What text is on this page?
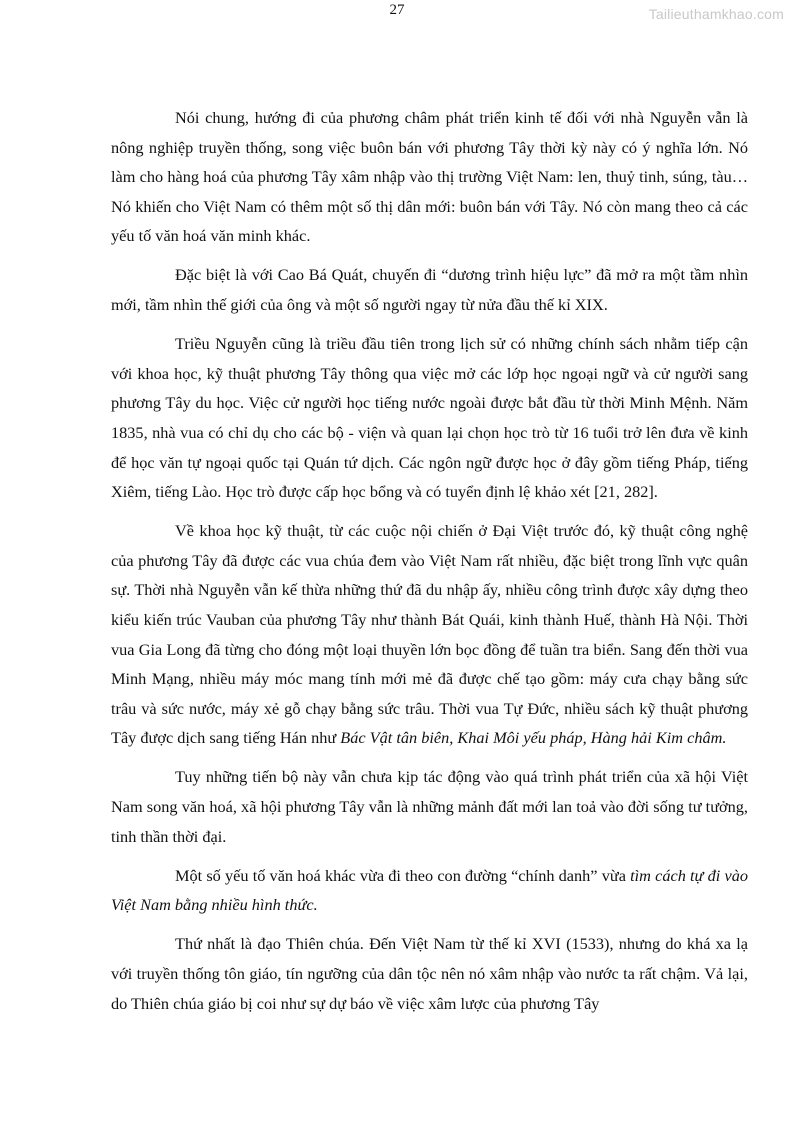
27	Tailieuthamkhao.com

Nói chung, hướng đi của phương châm phát triển kinh tế đối với nhà Nguyễn vẫn là nông nghiệp truyền thống, song việc buôn bán với phương Tây thời kỳ này có ý nghĩa lớn. Nó làm cho hàng hoá của phương Tây xâm nhập vào thị trường Việt Nam: len, thuỷ tinh, súng, tàu… Nó khiến cho Việt Nam có thêm một số thị dân mới: buôn bán với Tây. Nó còn mang theo cả các yếu tố văn hoá văn minh khác.

Đặc biệt là với Cao Bá Quát, chuyến đi “dương trình hiệu lực” đã mở ra một tầm nhìn mới, tầm nhìn thế giới của ông và một số người ngay từ nửa đầu thế kỉ XIX.

Triều Nguyễn cũng là triều đầu tiên trong lịch sử có những chính sách nhằm tiếp cận với khoa học, kỹ thuật phương Tây thông qua việc mở các lớp học ngoại ngữ và cử người sang phương Tây du học. Việc cử người học tiếng nước ngoài được bắt đầu từ thời Minh Mệnh. Năm 1835, nhà vua có chỉ dụ cho các bộ - viện và quan lại chọn học trò từ 16 tuổi trở lên đưa về kinh để học văn tự ngoại quốc tại Quán tứ dịch. Các ngôn ngữ được học ở đây gồm tiếng Pháp, tiếng Xiêm, tiếng Lào. Học trò được cấp học bổng và có tuyển định lệ khảo xét [21, 282].

Về khoa học kỹ thuật, từ các cuộc nội chiến ở Đại Việt trước đó, kỹ thuật công nghệ của phương Tây đã được các vua chúa đem vào Việt Nam rất nhiều, đặc biệt trong lĩnh vực quân sự. Thời nhà Nguyễn vẫn kế thừa những thứ đã du nhập ấy, nhiều công trình được xây dựng theo kiểu kiến trúc Vauban của phương Tây như thành Bát Quái, kinh thành Huế, thành Hà Nội. Thời vua Gia Long đã từng cho đóng một loại thuyền lớn bọc đồng để tuần tra biển. Sang đến thời vua Minh Mạng, nhiều máy móc mang tính mới mẻ đã được chế tạo gồm: máy cưa chạy bằng sức trâu và sức nước, máy xẻ gỗ chạy bằng sức trâu. Thời vua Tự Đức, nhiều sách kỹ thuật phương Tây được dịch sang tiếng Hán như Bác Vật tân biên, Khai Môi yếu pháp, Hàng hải Kim châm.

Tuy những tiến bộ này vẫn chưa kịp tác động vào quá trình phát triển của xã hội Việt Nam song văn hoá, xã hội phương Tây vẫn là những mảnh đất mới lan toả vào đời sống tư tưởng, tinh thần thời đại.

Một số yếu tố văn hoá khác vừa đi theo con đường “chính danh” vừa tìm cách tự đi vào Việt Nam bằng nhiều hình thức.

Thứ nhất là đạo Thiên chúa. Đến Việt Nam từ thế kỉ XVI (1533), nhưng do khá xa lạ với truyền thống tôn giáo, tín ngưỡng của dân tộc nên nó xâm nhập vào nước ta rất chậm. Vả lại, do Thiên chúa giáo bị coi như sự dự báo về việc xâm lược của phương Tây
